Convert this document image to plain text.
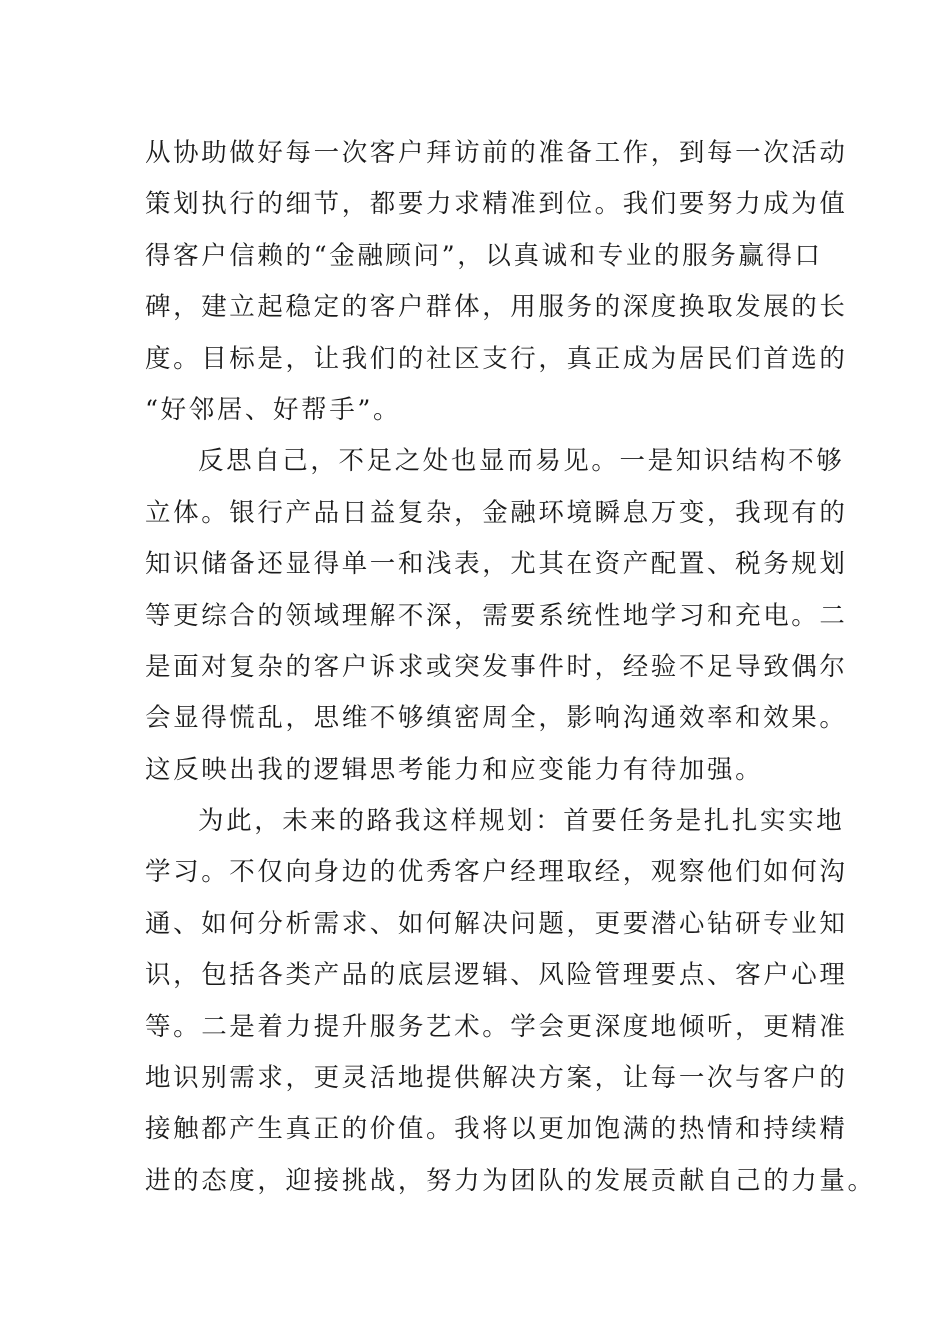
从协助做好每一次客户拜访前的准备工作，到每一次活动
策划执行的细节，都要力求精准到位。我们要努力成为值
得客户信赖的“金融顾问”，以真诚和专业的服务赢得口
碑，建立起稳定的客户群体，用服务的深度换取发展的长
度。目标是，让我们的社区支行，真正成为居民们首选的
“好邻居、好帮手”。
反思自己，不足之处也显而易见。一是知识结构不够
立体。银行产品日益复杂，金融环境瞬息万变，我现有的
知识储备还显得单一和浅表，尤其在资产配置、税务规划
等更综合的领域理解不深，需要系统性地学习和充电。二
是面对复杂的客户诉求或突发事件时，经验不足导致偶尔
会显得慌乱，思维不够缜密周全，影响沟通效率和效果。
这反映出我的逻辑思考能力和应变能力有待加强。
为此，未来的路我这样规划：首要任务是扎扎实实地
学习。不仅向身边的优秀客户经理取经，观察他们如何沟
通、如何分析需求、如何解决问题，更要潜心钻研专业知
识，包括各类产品的底层逻辑、风险管理要点、客户心理
等。二是着力提升服务艺术。学会更深度地倾听，更精准
地识别需求，更灵活地提供解决方案，让每一次与客户的
接触都产生真正的价值。我将以更加饱满的热情和持续精
进的态度，迎接挑战，努力为团队的发展贡献自己的力量。
